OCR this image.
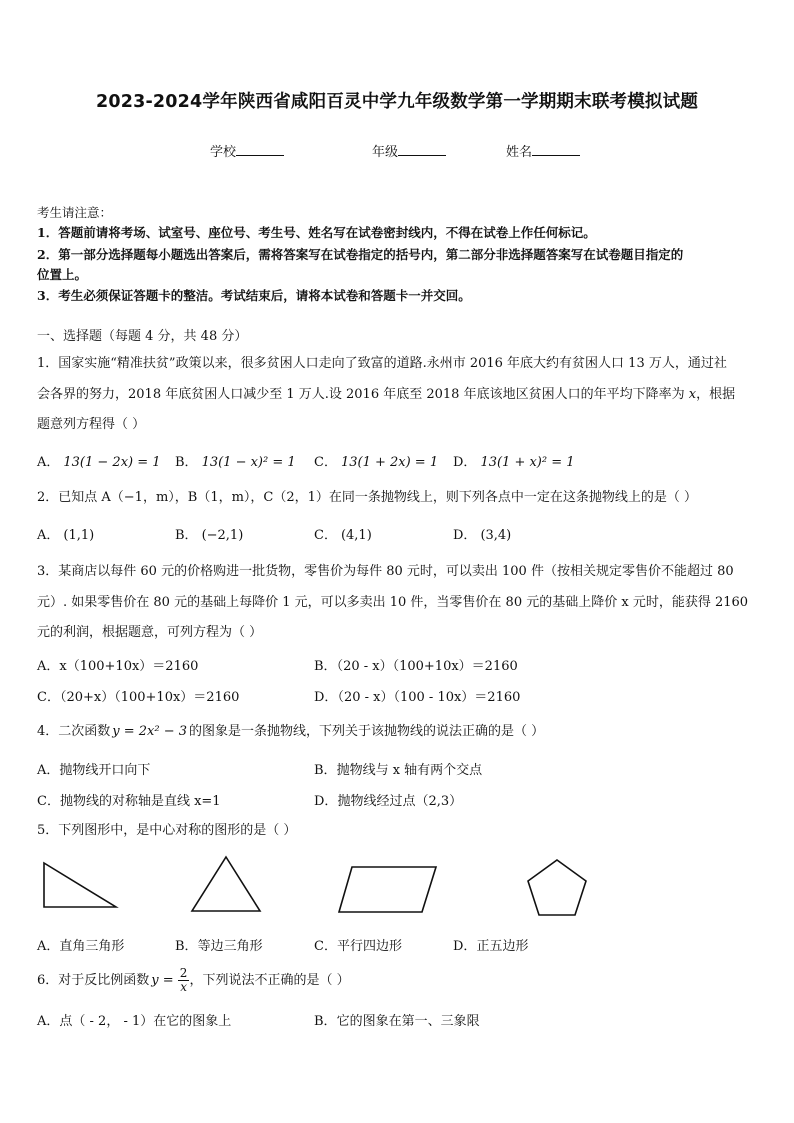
2023-2024学年陕西省咸阳百灵中学九年级数学第一学期期末联考模拟试题
学校	年级	姓名
考生请注意：
1．答题前请将考场、试室号、座位号、考生号、姓名写在试卷密封线内，不得在试卷上作任何标记。
2．第一部分选择题每小题选出答案后，需将答案写在试卷指定的括号内，第二部分非选择题答案写在试卷题目指定的
位置上。
3．考生必须保证答题卡的整洁。考试结束后，请将本试卷和答题卡一并交回。
一、选择题（每题 4 分，共 48 分）
1．国家实施“精准扶贫”政策以来，很多贫困人口走向了致富的道路.永州市 2016 年底大约有贫困人口 13 万人，通过社
会各界的努力，2018 年底贫困人口减少至 1 万人.设 2016 年底至 2018 年底该地区贫困人口的年平均下降率为 x，根据
题意列方程得（ ）
A． 13(1 − 2x) = 1 B． 13(1 − x)² = 1 C． 13(1 + 2x) = 1 D． 13(1 + x)² = 1
2．已知点 A（−1，m），B（1，m），C（2，1）在同一条抛物线上，则下列各点中一定在这条抛物线上的是（ ）
A． (1,1)	B． (−2,1)	C． (4,1)	D． (3,4)
3．某商店以每件 60 元的价格购进一批货物，零售价为每件 80 元时，可以卖出 100 件（按相关规定零售价不能超过 80
元）. 如果零售价在 80 元的基础上每降价 1 元，可以多卖出 10 件，当零售价在 80 元的基础上降价 x 元时，能获得 2160
元的利润，根据题意，可列方程为（ ）
A．x（100+10x）＝2160	B．（20 - x）（100+10x）＝2160
C．（20+x）（100+10x）＝2160	D．（20 - x）（100 - 10x）＝2160
4．二次函数 y = 2x² − 3 的图象是一条抛物线，下列关于该抛物线的说法正确的是（ ）
A．抛物线开口向下	B．抛物线与 x 轴有两个交点
C．抛物线的对称轴是直线 x=1	D．抛物线经过点（2,3）
5．下列图形中，是中心对称的图形的是（ ）
A．直角三角形	B．等边三角形	C．平行四边形	D．正五边形
6．对于反比例函数 $y = \frac{2}{x}$ ，下列说法不正确的是（ ）
A．点（ - 2， - 1）在它的图象上	B．它的图象在第一、三象限
